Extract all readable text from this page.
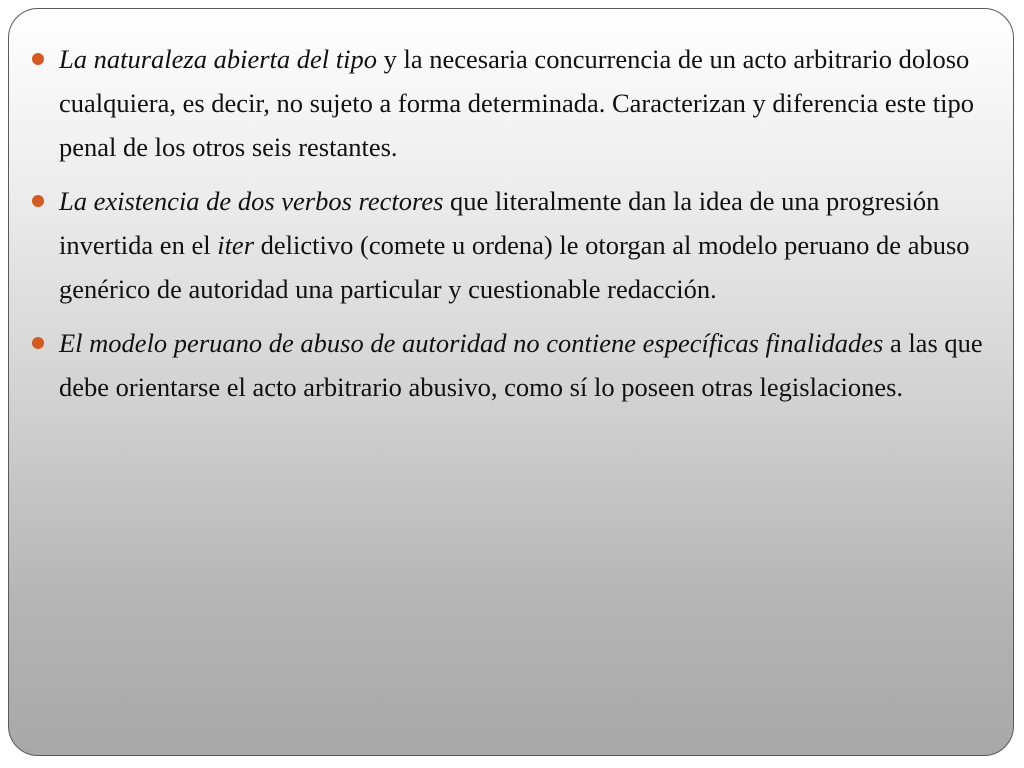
La naturaleza abierta del tipo y la necesaria concurrencia de un acto arbitrario doloso cualquiera, es decir, no sujeto a forma determinada. Caracterizan y diferencia este tipo penal de los otros seis restantes.
La existencia de dos verbos rectores que literalmente dan la idea de una progresión invertida en el iter delictivo (comete u ordena) le otorgan al modelo peruano de abuso genérico de autoridad una particular y cuestionable redacción.
El modelo peruano de abuso de autoridad no contiene específicas finalidades a las que debe orientarse el acto arbitrario abusivo, como sí lo poseen otras legislaciones.
